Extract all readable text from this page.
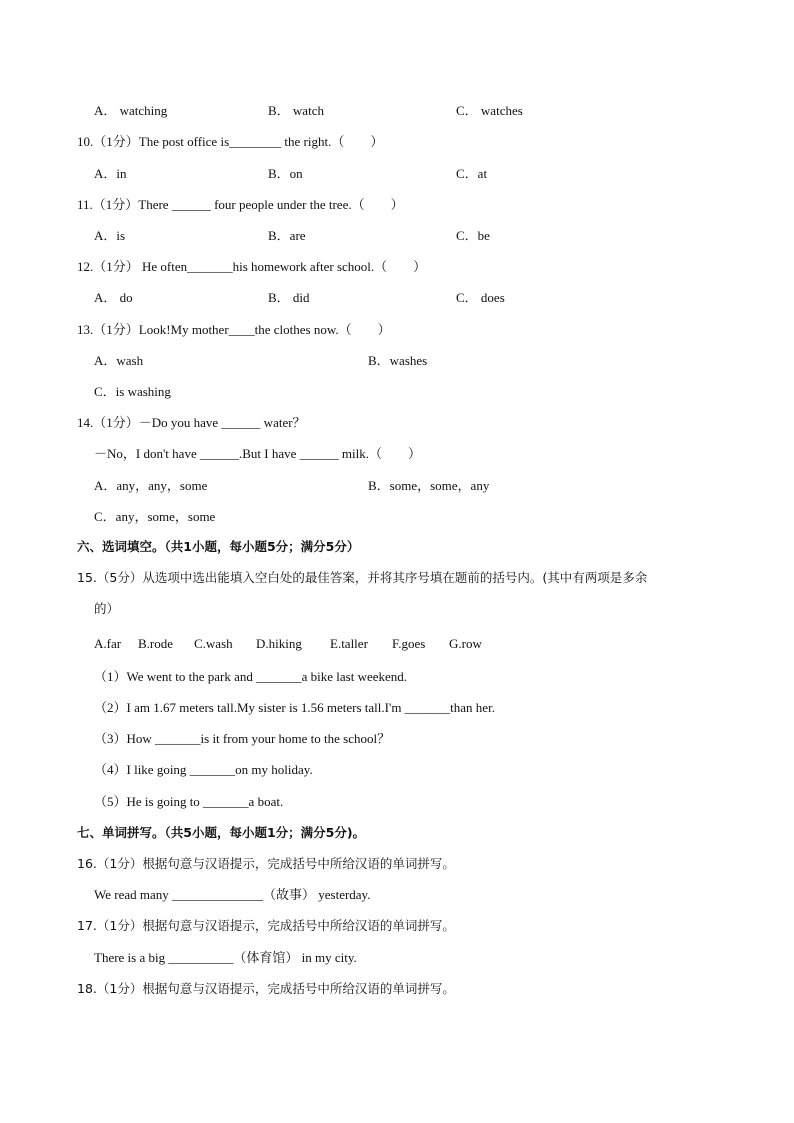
A． watching	B． watch	C． watches
10.（1分）The post office is________ the right.（　　）
A．in	B．on	C．at
11.（1分）There ______ four people under the tree.（　　）
A．is	B．are	C．be
12.（1分） He often_______his homework after school.（　　）
A． do	B． did	C． does
13.（1分）Look!My mother____the clothes now.（　　）
A．wash	B．washes
C．is washing
14.（1分）－Do you have ______ water？
－No，I don't have ______.But I have ______ milk.（　　）
A．any，any，some	B．some，some，any
C．any，some，some
六、选词填空。（共1小题，每小题5分；满分5分）
15.（5分）从选项中选出能填入空白处的最佳答案，并将其序号填在题前的括号内。(其中有两项是多余
的）
A.far B.rode C.wash D.hiking E.taller F.goes G.row
（1）We went to the park and _______a bike last weekend.
（2）I am 1.67 meters tall.My sister is 1.56 meters tall.I'm _______than her.
（3）How _______is it from your home to the school？
（4）I like going _______on my holiday.
（5）He is going to _______a boat.
七、单词拼写。（共5小题，每小题1分；满分5分)。
16.（1分）根据句意与汉语提示，完成括号中所给汉语的单词拼写。
We read many ______________（故事） yesterday.
17.（1分）根据句意与汉语提示，完成括号中所给汉语的单词拼写。
There is a big __________（体育馆） in my city.
18.（1分）根据句意与汉语提示，完成括号中所给汉语的单词拼写。
